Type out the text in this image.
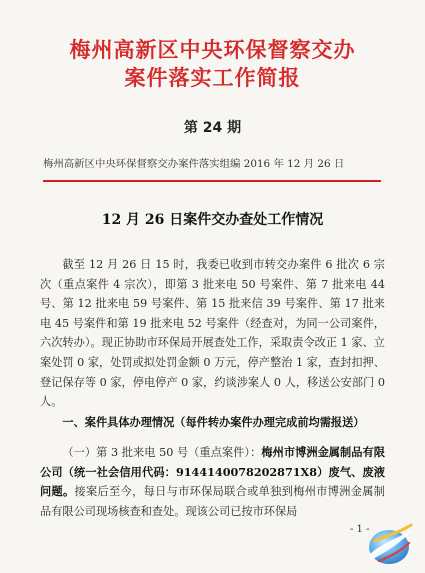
梅州高新区中央环保督察交办
案件落实工作简报
第 24 期
梅州高新区中央环保督察交办案件落实组编 2016 年 12 月 26 日
12 月 26 日案件交办查处工作情况
截至 12 月 26 日 15 时，我委已收到市转交办案件 6 批次 6 宗次（重点案件 4 宗次），即第 3 批来电 50 号案件、第 7 批来电 44 号、第 12 批来电 59 号案件、第 15 批来信 39 号案件、第 17 批来电 45 号案件和第 19 批来电 52 号案件（经查对，为同一公司案件，六次转办）。现正协助市环保局开展查处工作，采取责令改正 1 家、立案处罚 0 家，处罚或拟处罚金额 0 万元，停产整治 1 家，查封扣押、登记保存等 0 家，停电停产 0 家，约谈涉案人 0 人，移送公安部门 0 人。
一、案件具体办理情况（每件转办案件办理完成前均需报送）
（一）第 3 批来电 50 号（重点案件）：梅州市博洲金属制品有限公司（统一社会信用代码：9144140078202871X8）废气、废液问题。接案后至今，每日与市环保局联合或单独到梅州市博洲金属制品有限公司现场核查和查处。现该公司已按市环保局
- 1 -
